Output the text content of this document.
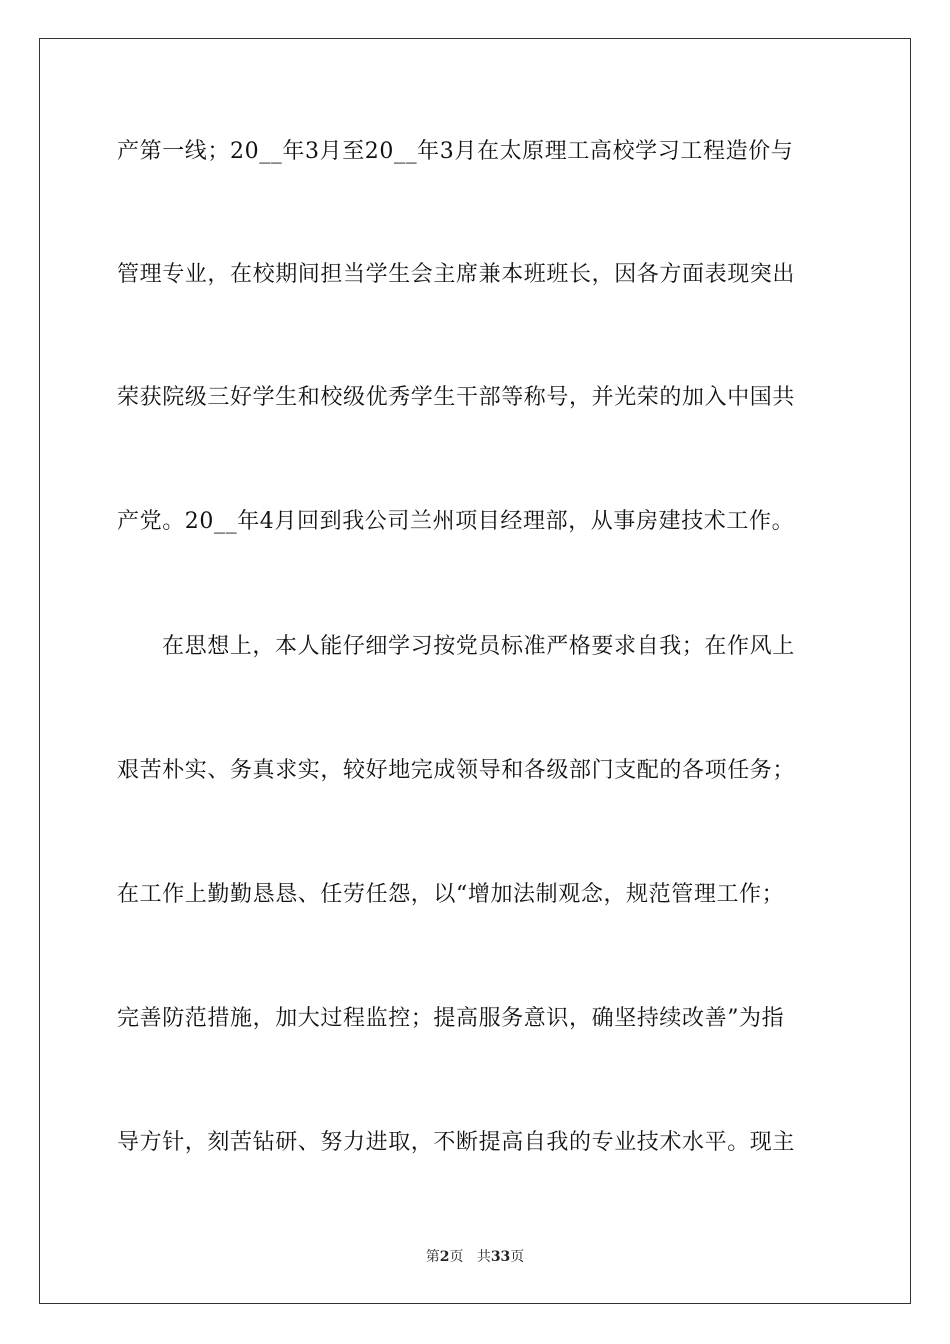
产第一线；20__年3月至20__年3月在太原理工高校学习工程造价与
管理专业，在校期间担当学生会主席兼本班班长，因各方面表现突出
荣获院级三好学生和校级优秀学生干部等称号，并光荣的加入中国共
产党。20__年4月回到我公司兰州项目经理部，从事房建技术工作。
在思想上，本人能仔细学习按党员标准严格要求自我；在作风上
艰苦朴实、务真求实，较好地完成领导和各级部门支配的各项任务；
在工作上勤勤恳恳、任劳任怨，以“增加法制观念，规范管理工作；
完善防范措施，加大过程监控；提高服务意识，确坚持续改善”为指
导方针，刻苦钻研、努力进取，不断提高自我的专业技术水平。现主
第2页 共33页
